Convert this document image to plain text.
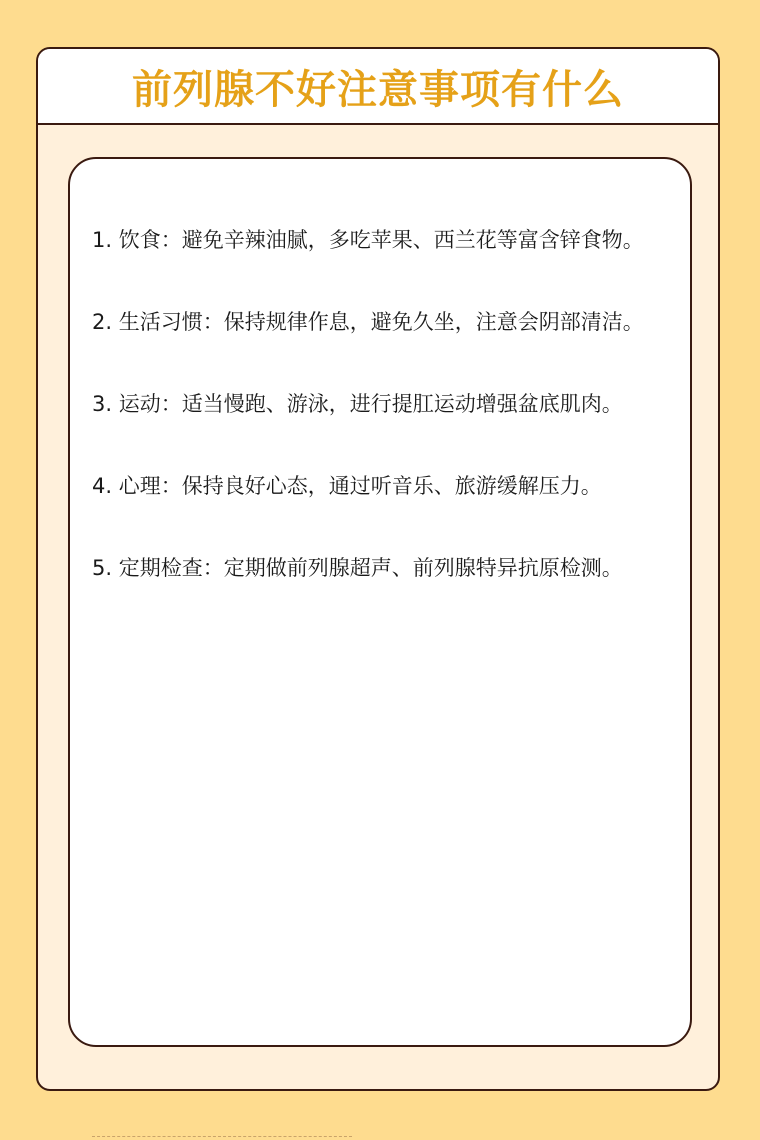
前列腺不好注意事项有什么

1. 饮食：避免辛辣油腻，多吃苹果、西兰花等富含锌食物。

2. 生活习惯：保持规律作息，避免久坐，注意会阴部清洁。

3. 运动：适当慢跑、游泳，进行提肛运动增强盆底肌肉。

4. 心理：保持良好心态，通过听音乐、旅游缓解压力。

5. 定期检查：定期做前列腺超声、前列腺特异抗原检测。
